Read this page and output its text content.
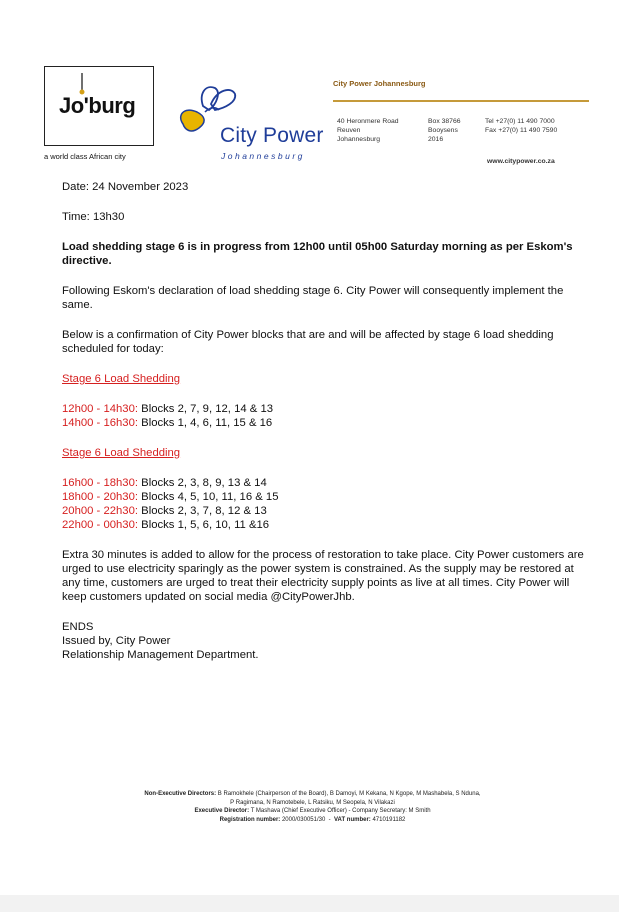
Jo'burg
a world class African city
City Power
Johannesburg
City Power Johannesburg
40 Heronmere Road
Reuven
Johannesburg
Box 38766
Booysens
2016
Tel +27(0) 11 490 7000
Fax +27(0) 11 490 7590
www.citypower.co.za

Date: 24 November 2023

Time: 13h30

Load shedding stage 6 is in progress from 12h00 until 05h00 Saturday morning as per Eskom's directive.

Following Eskom's declaration of load shedding stage 6. City Power will consequently implement the same.

Below is a confirmation of City Power blocks that are and will be affected by stage 6 load shedding scheduled for today:

Stage 6 Load Shedding

12h00 - 14h30: Blocks 2, 7, 9, 12, 14 & 13

14h00 - 16h30: Blocks 1, 4, 6, 11, 15 & 16

Stage 6 Load Shedding

16h00 - 18h30: Blocks 2, 3, 8, 9, 13 & 14

18h00 - 20h30: Blocks 4, 5, 10, 11, 16 & 15

20h00 - 22h30: Blocks 2, 3, 7, 8, 12 & 13

22h00 - 00h30: Blocks 1, 5, 6, 10, 11 &16

Extra 30 minutes is added to allow for the process of restoration to take place. City Power customers are urged to use electricity sparingly as the power system is constrained. As the supply may be restored at any time, customers are urged to treat their electricity supply points as live at all times. City Power will keep customers updated on social media @CityPowerJhb.

ENDS

Issued by, City Power

Relationship Management Department.

Non-Executive Directors: B Ramokhele (Chairperson of the Board), B Damoyi, M Kekana, N Kgope, M Mashabela, S Nduna,
P Ragimana, N Ramotebele, L Ratsiku, M Seopela, N Vilakazi
Executive Director: T Mashava (Chief Executive Officer) - Company Secretary: M Smith
Registration number: 2000/030051/30  -  VAT number: 4710191182
